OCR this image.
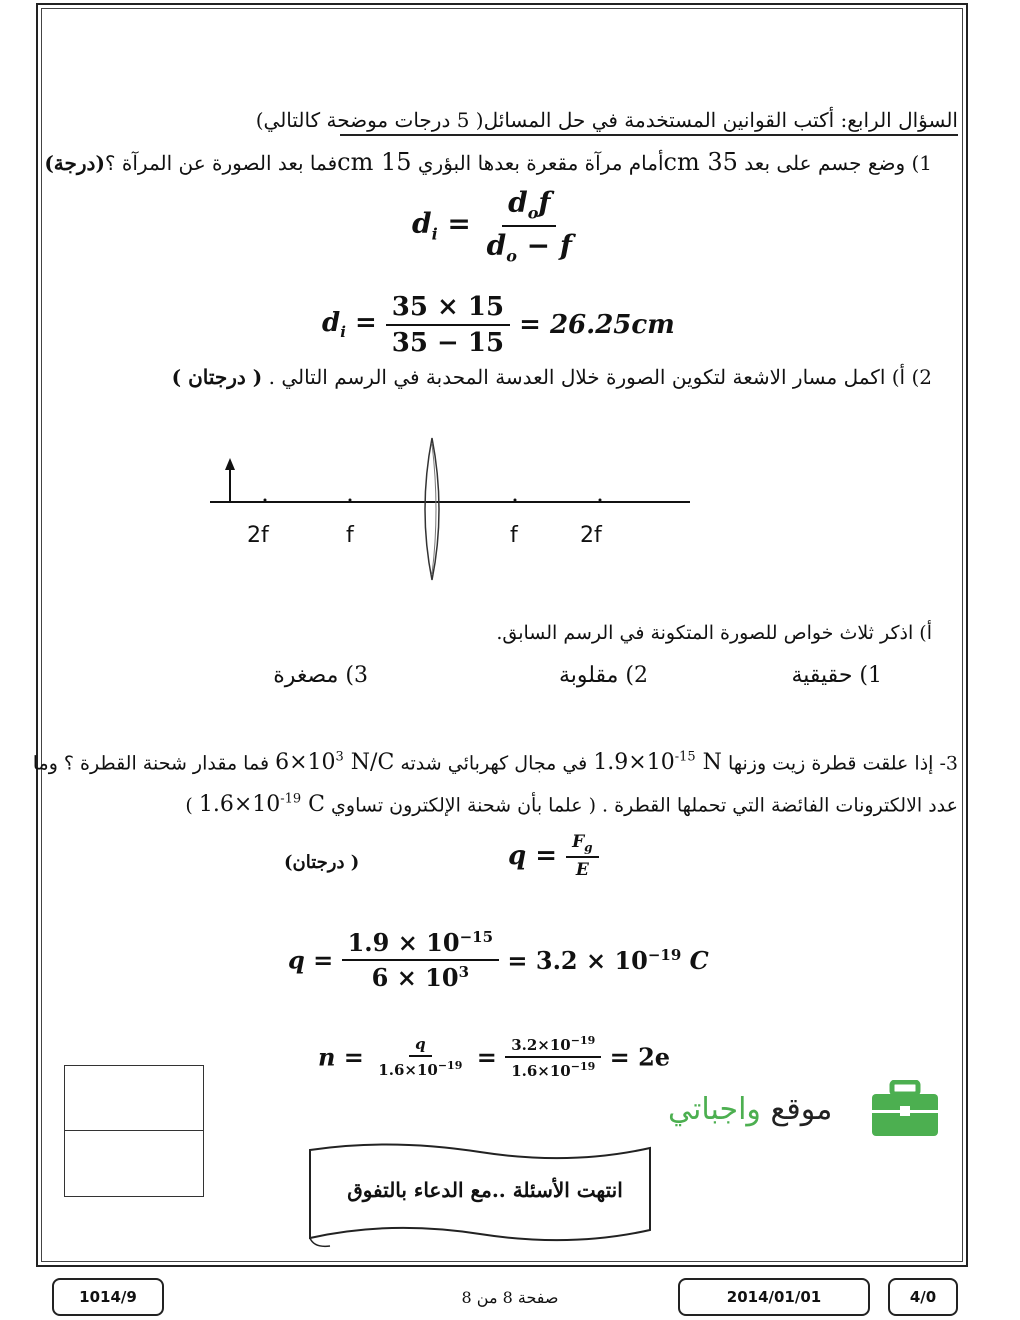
السؤال الرابع: أكتب القوانين المستخدمة في حل المسائل( 5 درجات موضحة كالتالي)
1) وضع جسم على بعد 35 cmأمام مرآة مقعرة بعدها البؤري 15 cmفما بعد الصورة عن المرآة ؟(درجة)
$d_i = \frac{d_of}{d_o - f}$
$d_i = \frac{35 \times 15}{35 - 15} = 26.25cm$
2) أ) اكمل مسار الاشعة لتكوين الصورة خلال العدسة المحدبة في الرسم التالي . ( درجتان )
2f	f	f	2f
أ) اذكر ثلاث خواص للصورة المتكونة في الرسم السابق.
1) حقيقية
2) مقلوبة
3) مصغرة
3- إذا علقت قطرة زيت وزنها $1.9\times 10^{-15}$ N في مجال كهربائي شدته $6\times 10^3$ N/C فما مقدار شحنة القطرة ؟ وما
عدد الالكترونات الفائضة التي تحملها القطرة . ( علما بأن شحنة الإلكترون تساوي $1.6\times 10^{-19}$ C )
( درجتان)	$q = \frac{F_g}{E}$
$q = \frac{1.9 \times 10^{-15}}{6 \times 10^3} = 3.2 \times 10^{-19}$ C
$n = \frac{q}{1.6\times 10^{-19}} = \frac{3.2\times 10^{-19}}{1.6\times 10^{-19}} = 2e$
موقع واجباتي
انتهت الأسئلة ..مع الدعاء بالتفوق
1014/9	صفحة 8 من 8	2014/01/01	4/0
